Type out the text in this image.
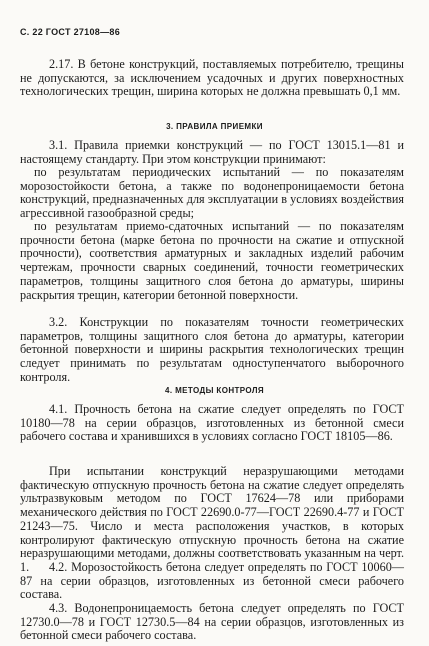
С. 22 ГОСТ 27108—86
2.17. В бетоне конструкций, поставляемых потребителю, трещины не допускаются, за исключением усадочных и других поверхностных технологических трещин, ширина которых не должна превышать 0,1 мм.
3. ПРАВИЛА ПРИЕМКИ
3.1. Правила приемки конструкций — по ГОСТ 13015.1—81 и настоящему стандарту. При этом конструкции принимают:
по результатам периодических испытаний — по показателям морозостойкости бетона, а также по водонепроницаемости бетона конструкций, предназначенных для эксплуатации в условиях воздействия агрессивной газообразной среды;
по результатам приемо-сдаточных испытаний — по показателям прочности бетона (марке бетона по прочности на сжатие и отпускной прочности), соответствия арматурных и закладных изделий рабочим чертежам, прочности сварных соединений, точности геометрических параметров, толщины защитного слоя бетона до арматуры, ширины раскрытия трещин, категории бетонной поверхности.
3.2. Конструкции по показателям точности геометрических параметров, толщины защитного слоя бетона до арматуры, категории бетонной поверхности и ширины раскрытия технологических трещин следует принимать по результатам одноступенчатого выборочного контроля.
4. МЕТОДЫ КОНТРОЛЯ
4.1. Прочность бетона на сжатие следует определять по ГОСТ 10180—78 на серии образцов, изготовленных из бетонной смеси рабочего состава и хранившихся в условиях согласно ГОСТ 18105—86.
При испытании конструкций неразрушающими методами фактическую отпускную прочность бетона на сжатие следует определять ультразвуковым методом по ГОСТ 17624—78 или приборами механического действия по ГОСТ 22690.0-77—ГОСТ 22690.4-77 и ГОСТ 21243—75. Число и места расположения участков, в которых контролируют фактическую отпускную прочность бетона на сжатие неразрушающими методами, должны соответствовать указанным на черт. 1.	4.2. Морозостойкость бетона следует определять по ГОСТ 10060—87 на серии образцов, изготовленных из бетонной смеси рабочего состава.
4.3. Водонепроницаемость бетона следует определять по ГОСТ 12730.0—78 и ГОСТ 12730.5—84 на серии образцов, изготовленных из бетонной смеси рабочего состава.
